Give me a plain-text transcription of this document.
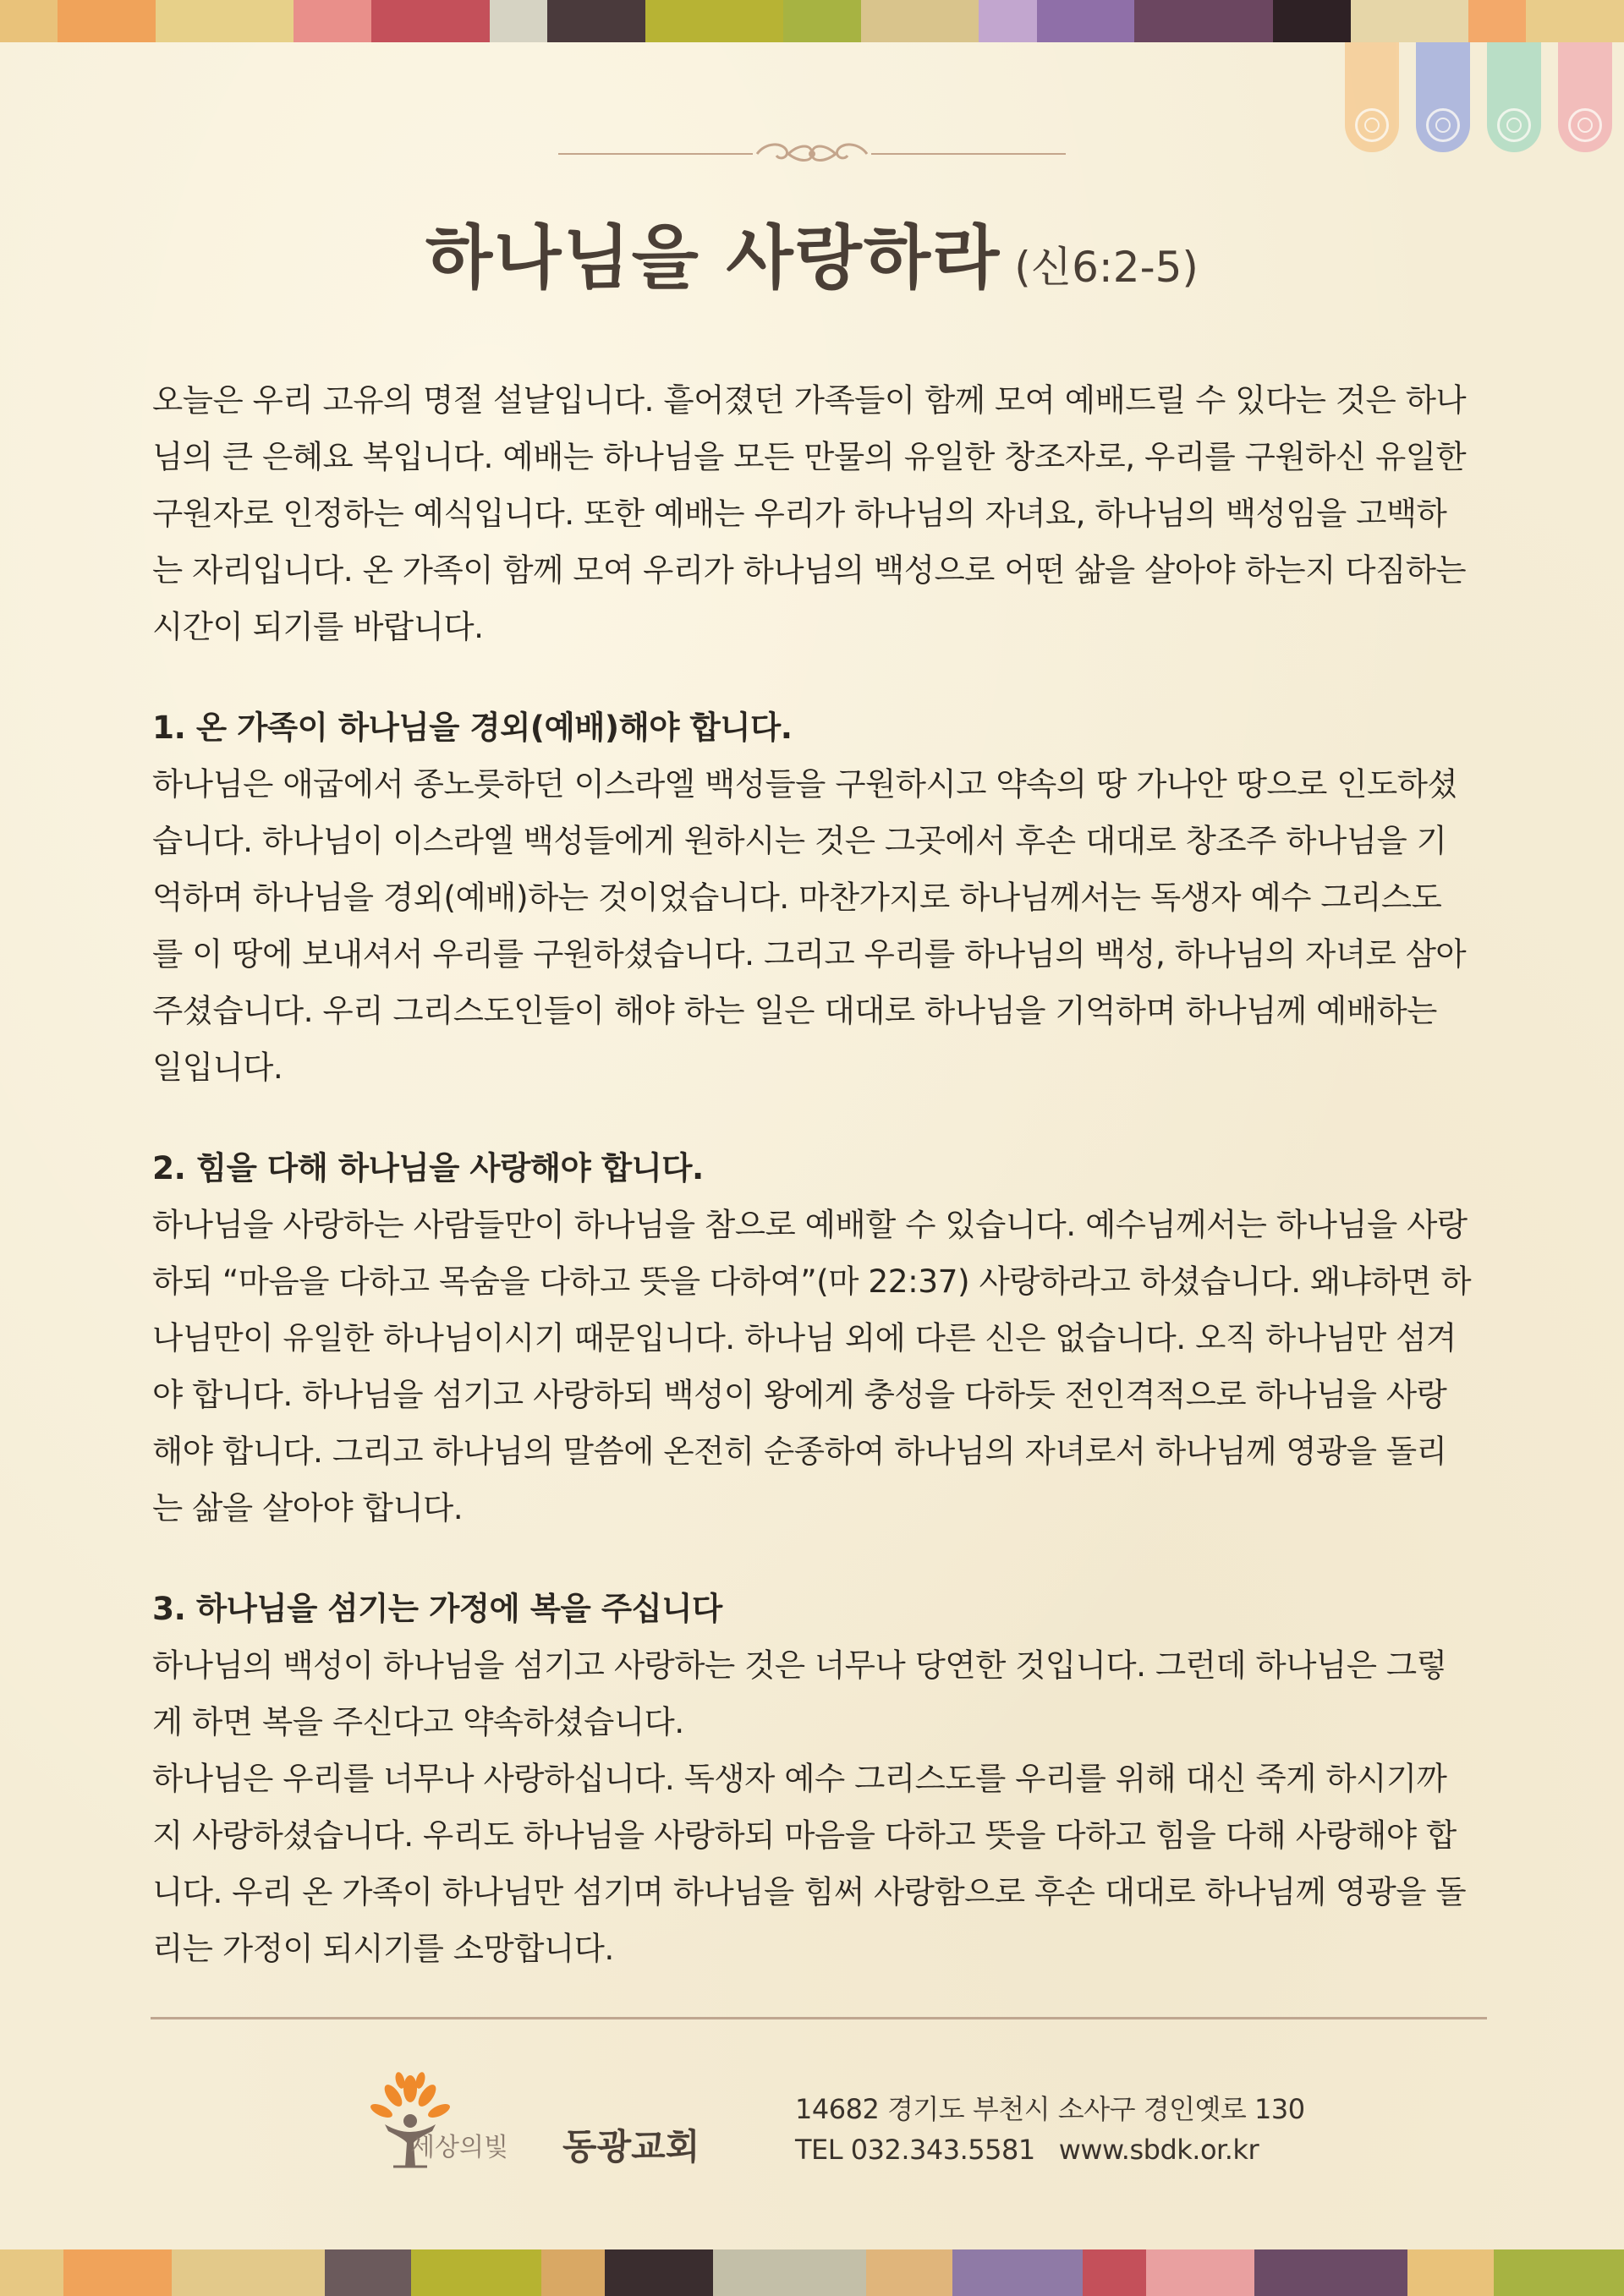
하나님을 사랑하라 (신6:2-5)

오늘은 우리 고유의 명절 설날입니다. 흩어졌던 가족들이 함께 모여 예배드릴 수 있다는 것은 하나님의 큰 은혜요 복입니다. 예배는 하나님을 모든 만물의 유일한 창조자로, 우리를 구원하신 유일한 구원자로 인정하는 예식입니다. 또한 예배는 우리가 하나님의 자녀요, 하나님의 백성임을 고백하는 자리입니다. 온 가족이 함께 모여 우리가 하나님의 백성으로 어떤 삶을 살아야 하는지 다짐하는 시간이 되기를 바랍니다.

1. 온 가족이 하나님을 경외(예배)해야 합니다.

하나님은 애굽에서 종노릇하던 이스라엘 백성들을 구원하시고 약속의 땅 가나안 땅으로 인도하셨습니다. 하나님이 이스라엘 백성들에게 원하시는 것은 그곳에서 후손 대대로 창조주 하나님을 기억하며 하나님을 경외(예배)하는 것이었습니다. 마찬가지로 하나님께서는 독생자 예수 그리스도를 이 땅에 보내셔서 우리를 구원하셨습니다. 그리고 우리를 하나님의 백성, 하나님의 자녀로 삼아주셨습니다. 우리 그리스도인들이 해야 하는 일은 대대로 하나님을 기억하며 하나님께 예배하는 일입니다.

2. 힘을 다해 하나님을 사랑해야 합니다.

하나님을 사랑하는 사람들만이 하나님을 참으로 예배할 수 있습니다. 예수님께서는 하나님을 사랑하되 “마음을 다하고 목숨을 다하고 뜻을 다하여”(마 22:37) 사랑하라고 하셨습니다. 왜냐하면 하나님만이 유일한 하나님이시기 때문입니다. 하나님 외에 다른 신은 없습니다. 오직 하나님만 섬겨야 합니다. 하나님을 섬기고 사랑하되 백성이 왕에게 충성을 다하듯 전인격적으로 하나님을 사랑해야 합니다. 그리고 하나님의 말씀에 온전히 순종하여 하나님의 자녀로서 하나님께 영광을 돌리는 삶을 살아야 합니다.

3. 하나님을 섬기는 가정에 복을 주십니다

하나님의 백성이 하나님을 섬기고 사랑하는 것은 너무나 당연한 것입니다. 그런데 하나님은 그렇게 하면 복을 주신다고 약속하셨습니다.

하나님은 우리를 너무나 사랑하십니다. 독생자 예수 그리스도를 우리를 위해 대신 죽게 하시기까지 사랑하셨습니다. 우리도 하나님을 사랑하되 마음을 다하고 뜻을 다하고 힘을 다해 사랑해야 합니다. 우리 온 가족이 하나님만 섬기며 하나님을 힘써 사랑함으로 후손 대대로 하나님께 영광을 돌리는 가정이 되시기를 소망합니다.

세상의빛 동광교회
14682 경기도 부천시 소사구 경인옛로 130
TEL 032.343.5581 www.sbdk.or.kr
